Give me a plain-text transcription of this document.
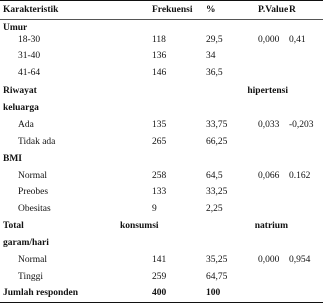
Karakteristik	Frekuensi %	P.Value R
Umur
18-30	118	29,5	0,000 0,41
31-40	136	34
41-64	146	36,5
Riwayat	hipertensi
keluarga
Ada	135	33,75	0,033 -0,203
Tidak ada	265	66,25
BMI
Normal	258	64,5	0,066 0.162
Preobes	133	33,25
Obesitas	9	2,25
Total	konsumsi	natrium
garam/hari
Normal	141	35,25	0,000 0,954
Tinggi	259	64,75
Jumlah responden	400	100
